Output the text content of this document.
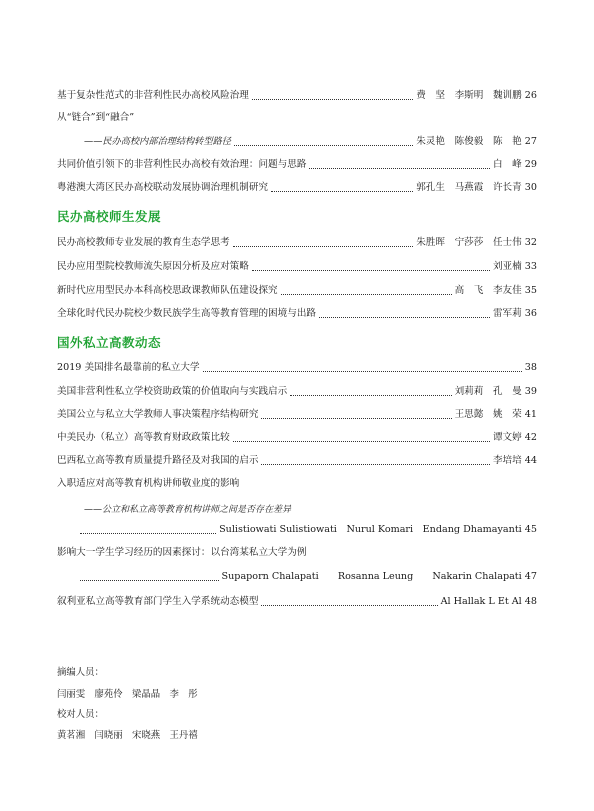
基于复杂性范式的非营利性民办高校风险治理	费　坚　李斯明　魏训鹏 26
从“链合”到“融合”
——民办高校内部治理结构转型路径	朱灵艳　陈俊毅　陈　艳 27
共同价值引领下的非营利性民办高校有效治理：问题与思路	白　峰 29
粤港澳大湾区民办高校联动发展协调治理机制研究	郭孔生　马燕霞　许长青 30
民办高校师生发展
民办高校教师专业发展的教育生态学思考	朱胜晖　宁莎莎　任士伟 32
民办应用型院校教师流失原因分析及应对策略	刘亚楠 33
新时代应用型民办本科高校思政课教师队伍建设探究	高　飞　李友佳 35
全球化时代民办院校少数民族学生高等教育管理的困境与出路	雷军莉 36
国外私立高教动态
2019 美国排名最靠前的私立大学	38
美国非营利性私立学校资助政策的价值取向与实践启示	刘莉莉　孔　曼 39
美国公立与私立大学教师人事决策程序结构研究	王思懿　姚　荣 41
中美民办（私立）高等教育财政政策比较	谭文婷 42
巴西私立高等教育质量提升路径及对我国的启示	李培培 44
入职适应对高等教育机构讲师敬业度的影响
——公立和私立高等教育机构讲师之间是否存在差异
Sulistiowati Sulistiowati　Nurul Komari　Endang Dhamayanti 45
影响大一学生学习经历的因素探讨：以台湾某私立大学为例
Supaporn Chalapati　　Rosanna Leung　　Nakarin Chalapati 47
叙利亚私立高等教育部门学生入学系统动态模型	Al Hallak L Et Al 48
摘编人员：
闫丽雯　廖苑伶　梁晶晶　李　彤
校对人员：
黄茗湘　闫晓丽　宋晓燕　王丹禧
